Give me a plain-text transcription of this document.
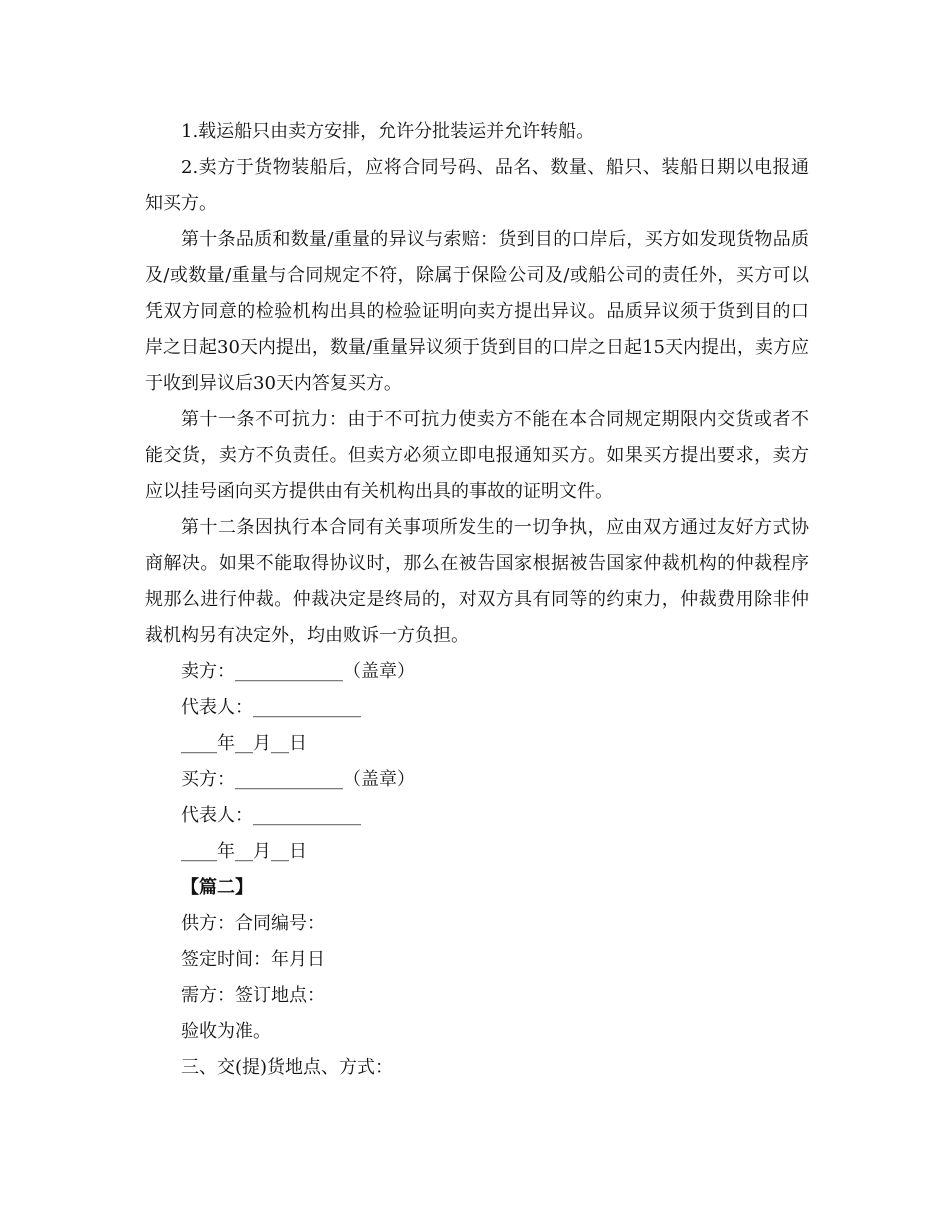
1.载运船只由卖方安排，允许分批装运并允许转船。

2.卖方于货物装船后，应将合同号码、品名、数量、船只、装船日期以电报通知买方。

第十条品质和数量/重量的异议与索赔：货到目的口岸后，买方如发现货物品质及/或数量/重量与合同规定不符，除属于保险公司及/或船公司的责任外，买方可以凭双方同意的检验机构出具的检验证明向卖方提出异议。品质异议须于货到目的口岸之日起30天内提出，数量/重量异议须于货到目的口岸之日起15天内提出，卖方应于收到异议后30天内答复买方。

第十一条不可抗力：由于不可抗力使卖方不能在本合同规定期限内交货或者不能交货，卖方不负责任。但卖方必须立即电报通知买方。如果买方提出要求，卖方应以挂号函向买方提供由有关机构出具的事故的证明文件。

第十二条因执行本合同有关事项所发生的一切争执，应由双方通过友好方式协商解决。如果不能取得协议时，那么在被告国家根据被告国家仲裁机构的仲裁程序规那么进行仲裁。仲裁决定是终局的，对双方具有同等的约束力，仲裁费用除非仲裁机构另有决定外，均由败诉一方负担。

卖方：____________（盖章）

代表人：____________

____年__月__日

买方：____________（盖章）

代表人：____________

____年__月__日

【篇二】

供方：合同编号：

签定时间：年月日

需方：签订地点：

验收为准。

三、交(提)货地点、方式：
